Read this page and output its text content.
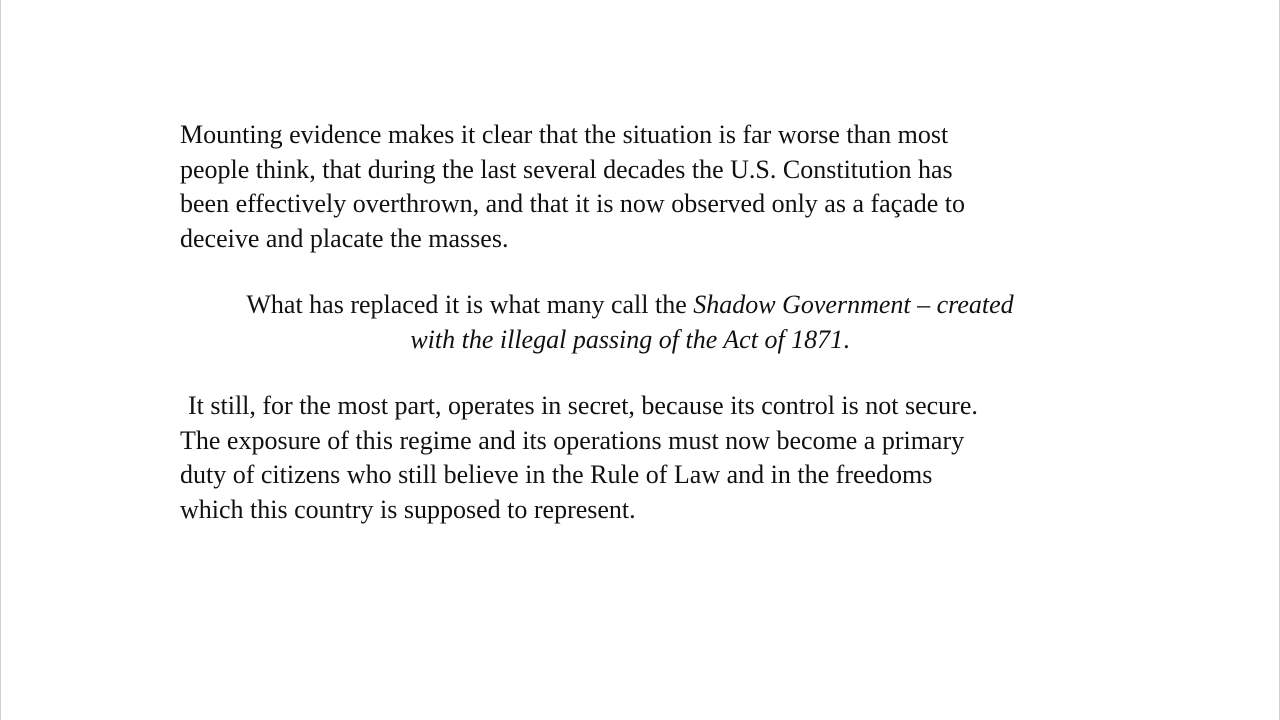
Mounting evidence makes it clear that the situation is far worse than most
people think, that during the last several decades the U.S. Constitution has
been effectively overthrown, and that it is now observed only as a façade to
deceive and placate the masses.

What has replaced it is what many call the Shadow Government – created
with the illegal passing of the Act of 1871.

It still, for the most part, operates in secret, because its control is not secure.
The exposure of this regime and its operations must now become a primary
duty of citizens who still believe in the Rule of Law and in the freedoms
which this country is supposed to represent.
